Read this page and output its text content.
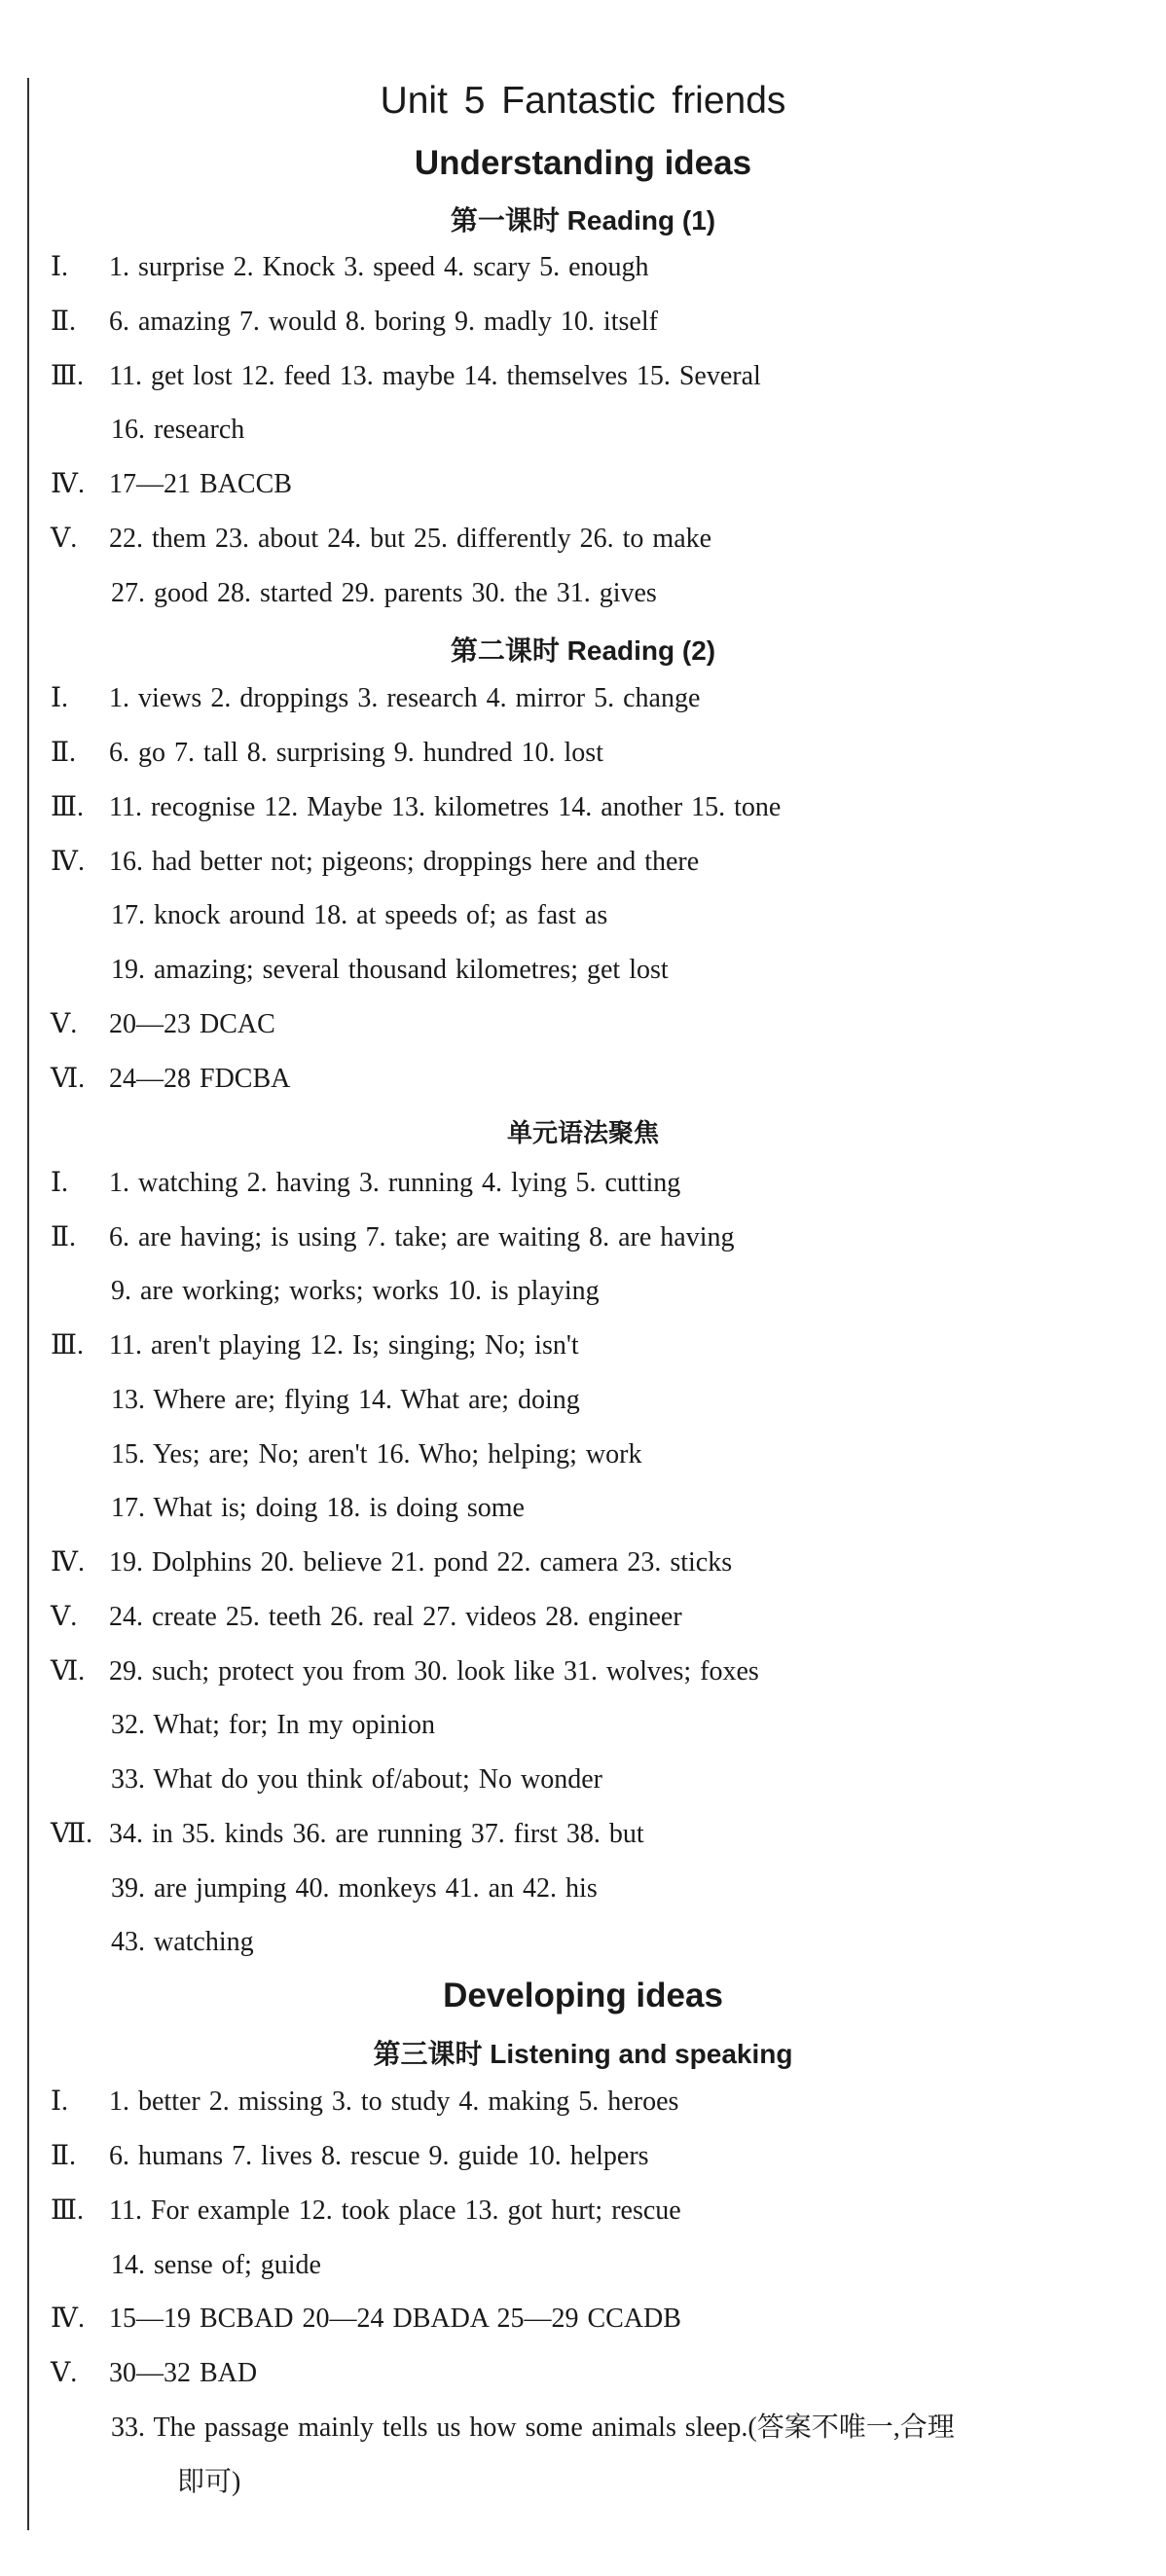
Unit 5 Fantastic friends
Understanding ideas
第一课时 Reading (1)
Ⅰ. 1. surprise 2. Knock 3. speed 4. scary 5. enough
Ⅱ. 6. amazing 7. would 8. boring 9. madly 10. itself
Ⅲ. 11. get lost 12. feed 13. maybe 14. themselves 15. Several
16. research
Ⅳ. 17—21 BACCB
Ⅴ. 22. them 23. about 24. but 25. differently 26. to make
27. good 28. started 29. parents 30. the 31. gives
第二课时 Reading (2)
Ⅰ. 1. views 2. droppings 3. research 4. mirror 5. change
Ⅱ. 6. go 7. tall 8. surprising 9. hundred 10. lost
Ⅲ. 11. recognise 12. Maybe 13. kilometres 14. another 15. tone
Ⅳ. 16. had better not; pigeons; droppings here and there
17. knock around 18. at speeds of; as fast as
19. amazing; several thousand kilometres; get lost
Ⅴ. 20—23 DCAC
Ⅵ. 24—28 FDCBA
单元语法聚焦
Ⅰ. 1. watching 2. having 3. running 4. lying 5. cutting
Ⅱ. 6. are having; is using 7. take; are waiting 8. are having
9. are working; works; works 10. is playing
Ⅲ. 11. aren't playing 12. Is; singing; No; isn't
13. Where are; flying 14. What are; doing
15. Yes; are; No; aren't 16. Who; helping; work
17. What is; doing 18. is doing some
Ⅳ. 19. Dolphins 20. believe 21. pond 22. camera 23. sticks
Ⅴ. 24. create 25. teeth 26. real 27. videos 28. engineer
Ⅵ. 29. such; protect you from 30. look like 31. wolves; foxes
32. What; for; In my opinion
33. What do you think of/about; No wonder
Ⅶ. 34. in 35. kinds 36. are running 37. first 38. but
39. are jumping 40. monkeys 41. an 42. his
43. watching
Developing ideas
第三课时 Listening and speaking
Ⅰ. 1. better 2. missing 3. to study 4. making 5. heroes
Ⅱ. 6. humans 7. lives 8. rescue 9. guide 10. helpers
Ⅲ. 11. For example 12. took place 13. got hurt; rescue
14. sense of; guide
Ⅳ. 15—19 BCBAD 20—24 DBADA 25—29 CCADB
Ⅴ. 30—32 BAD
33. The passage mainly tells us how some animals sleep.(答案不唯一,合理
即可)
